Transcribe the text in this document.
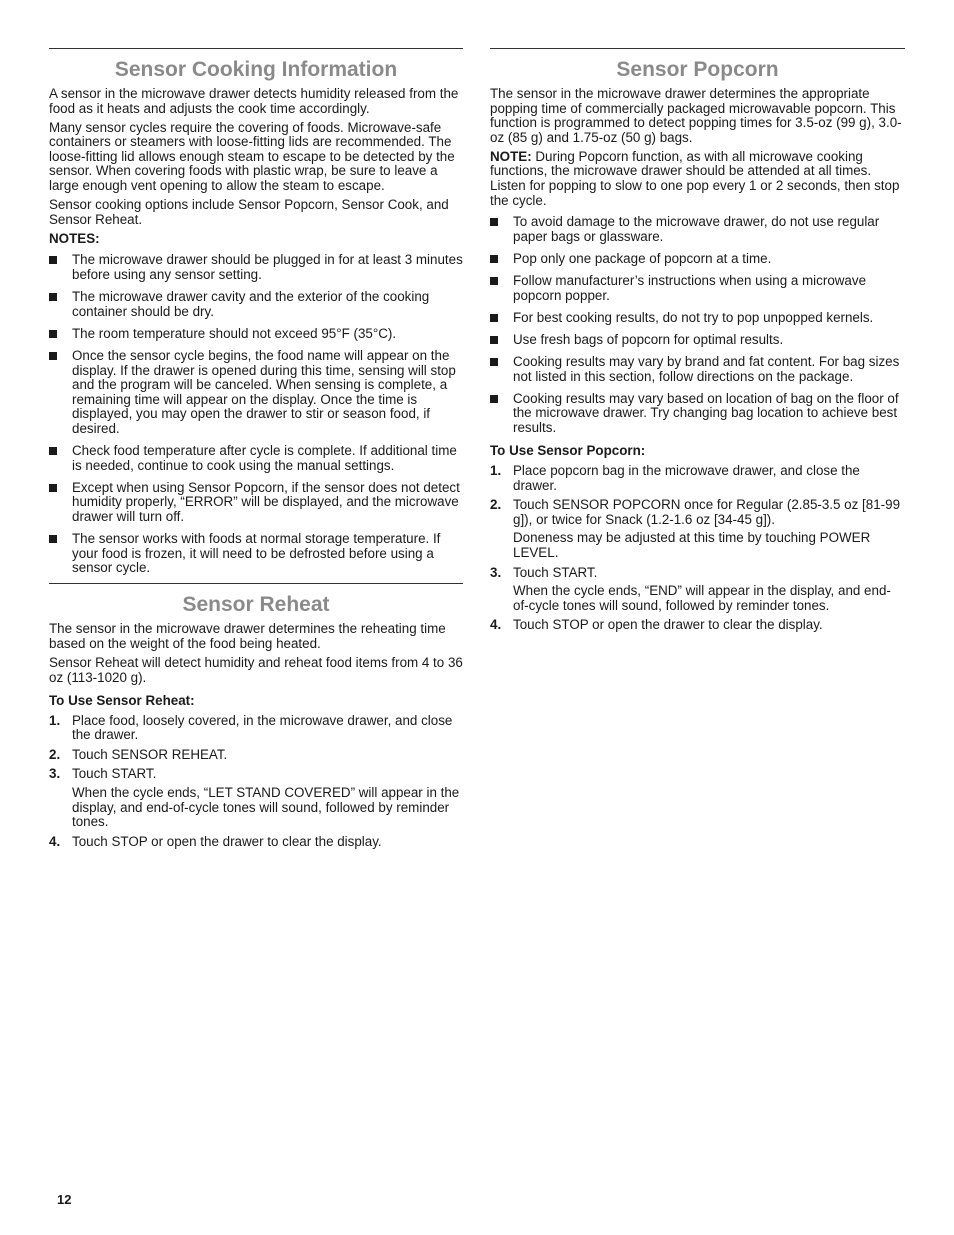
Sensor Cooking Information

A sensor in the microwave drawer detects humidity released from the food as it heats and adjusts the cook time accordingly.

Many sensor cycles require the covering of foods. Microwave-safe containers or steamers with loose-fitting lids are recommended. The loose-fitting lid allows enough steam to escape to be detected by the sensor. When covering foods with plastic wrap, be sure to leave a large enough vent opening to allow the steam to escape.

Sensor cooking options include Sensor Popcorn, Sensor Cook, and Sensor Reheat.

NOTES:

The microwave drawer should be plugged in for at least 3 minutes before using any sensor setting.
The microwave drawer cavity and the exterior of the cooking container should be dry.
The room temperature should not exceed 95°F (35°C).
Once the sensor cycle begins, the food name will appear on the display. If the drawer is opened during this time, sensing will stop and the program will be canceled. When sensing is complete, a remaining time will appear on the display. Once the time is displayed, you may open the drawer to stir or season food, if desired.
Check food temperature after cycle is complete. If additional time is needed, continue to cook using the manual settings.
Except when using Sensor Popcorn, if the sensor does not detect humidity properly, “ERROR” will be displayed, and the microwave drawer will turn off.
The sensor works with foods at normal storage temperature. If your food is frozen, it will need to be defrosted before using a sensor cycle.
Sensor Reheat

The sensor in the microwave drawer determines the reheating time based on the weight of the food being heated.

Sensor Reheat will detect humidity and reheat food items from 4 to 36 oz (113-1020 g).

To Use Sensor Reheat:

1. Place food, loosely covered, in the microwave drawer, and close the drawer.
2. Touch SENSOR REHEAT.
3. Touch START.
When the cycle ends, “LET STAND COVERED” will appear in the display, and end-of-cycle tones will sound, followed by reminder tones.
4. Touch STOP or open the drawer to clear the display.
Sensor Popcorn

The sensor in the microwave drawer determines the appropriate popping time of commercially packaged microwavable popcorn. This function is programmed to detect popping times for 3.5-oz (99 g), 3.0-oz (85 g) and 1.75-oz (50 g) bags.

NOTE: During Popcorn function, as with all microwave cooking functions, the microwave drawer should be attended at all times. Listen for popping to slow to one pop every 1 or 2 seconds, then stop the cycle.

To avoid damage to the microwave drawer, do not use regular paper bags or glassware.
Pop only one package of popcorn at a time.
Follow manufacturer’s instructions when using a microwave popcorn popper.
For best cooking results, do not try to pop unpopped kernels.
Use fresh bags of popcorn for optimal results.
Cooking results may vary by brand and fat content. For bag sizes not listed in this section, follow directions on the package.
Cooking results may vary based on location of bag on the floor of the microwave drawer. Try changing bag location to achieve best results.

To Use Sensor Popcorn:

1. Place popcorn bag in the microwave drawer, and close the drawer.
2. Touch SENSOR POPCORN once for Regular (2.85-3.5 oz [81-99 g]), or twice for Snack (1.2-1.6 oz [34-45 g]).
Doneness may be adjusted at this time by touching POWER LEVEL.
3. Touch START.
When the cycle ends, “END” will appear in the display, and end-of-cycle tones will sound, followed by reminder tones.
4. Touch STOP or open the drawer to clear the display.
12
